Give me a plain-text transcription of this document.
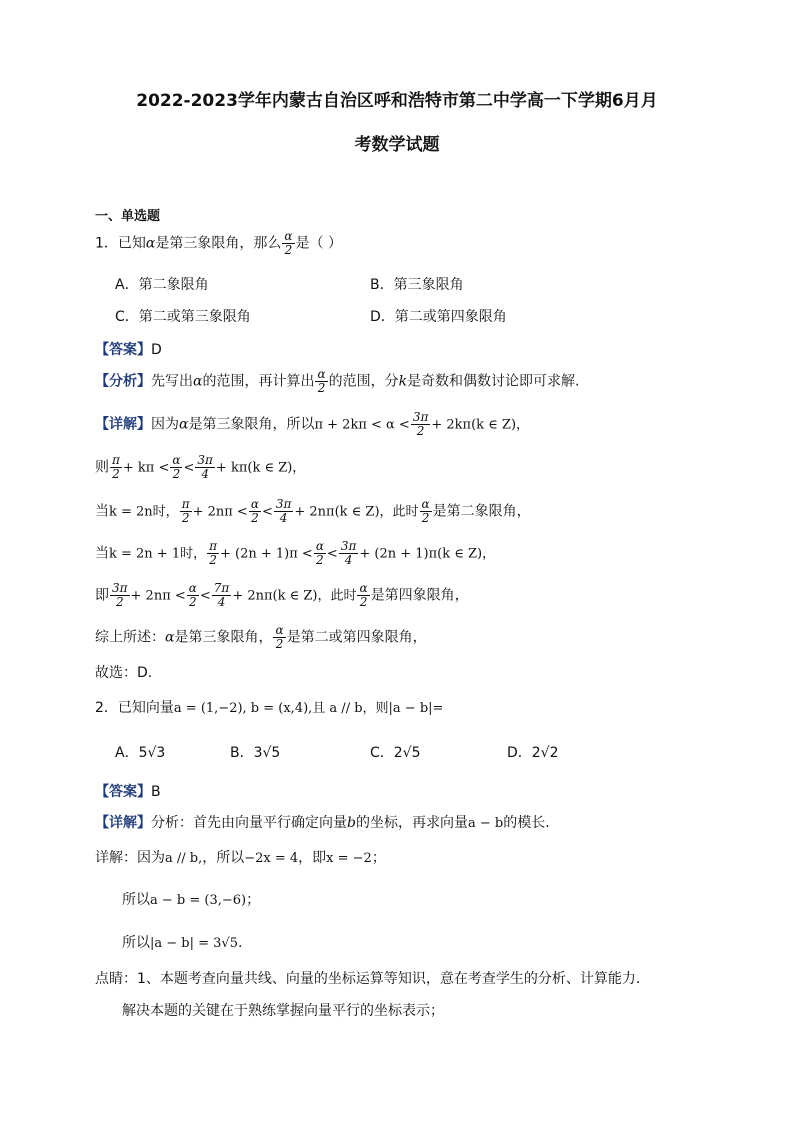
2022-2023学年内蒙古自治区呼和浩特市第二中学高一下学期6月月
考数学试题
一、单选题
1．已知α是第三象限角，那么 $\frac{\alpha}{2}$ 是（ ）
A．第二象限角	B．第三象限角
C．第二或第三象限角	D．第二或第四象限角
【答案】D
【分析】先写出α的范围，再计算出 $\frac{\alpha}{2}$ 的范围，分k是奇数和偶数讨论即可求解.
【详解】因为α是第三象限角，所以$\pi + 2k\pi < \alpha < \frac{3\pi}{2} + 2k\pi(k$ ∈ Z)，
则 $\frac{\pi}{2} + k\pi < \frac{\alpha}{2} < \frac{3\pi}{4} + k\pi(k$ ∈ Z)，
当k = 2n时， $\frac{\pi}{2} + 2n\pi < \frac{\alpha}{2} < \frac{3\pi}{4} + 2n\pi(k$ ∈ Z)，此时 $\frac{\alpha}{2}$ 是第二象限角，
当k = 2n + 1时， $\frac{\pi}{2} + (2n + 1)\pi < \frac{\alpha}{2} < \frac{3\pi}{4} + (2n + 1)\pi(k$ ∈ Z)，
即 $\frac{3\pi}{2} + 2n\pi < \frac{\alpha}{2} < \frac{7\pi}{4} + 2n\pi(k$ ∈ Z)，此时 $\frac{\alpha}{2}$ 是第四象限角，
综上所述：α是第三象限角， $\frac{\alpha}{2}$ 是第二或第四象限角，
故选：D.
2．已知向量a = (1,−2), b = (x,4),且 a // b，则|a − b|=
A．5√3	B．3√5	C．2√5	D．2√2
【答案】B
【详解】分析：首先由向量平行确定向量b的坐标，再求向量a − b的模长.
详解：因为a // b,，所以−2x = 4，即x = −2；
所以a − b = (3,−6)；
所以|a − b| = 3√5.
点睛：1、本题考查向量共线、向量的坐标运算等知识，意在考查学生的分析、计算能力.
解决本题的关键在于熟练掌握向量平行的坐标表示；
